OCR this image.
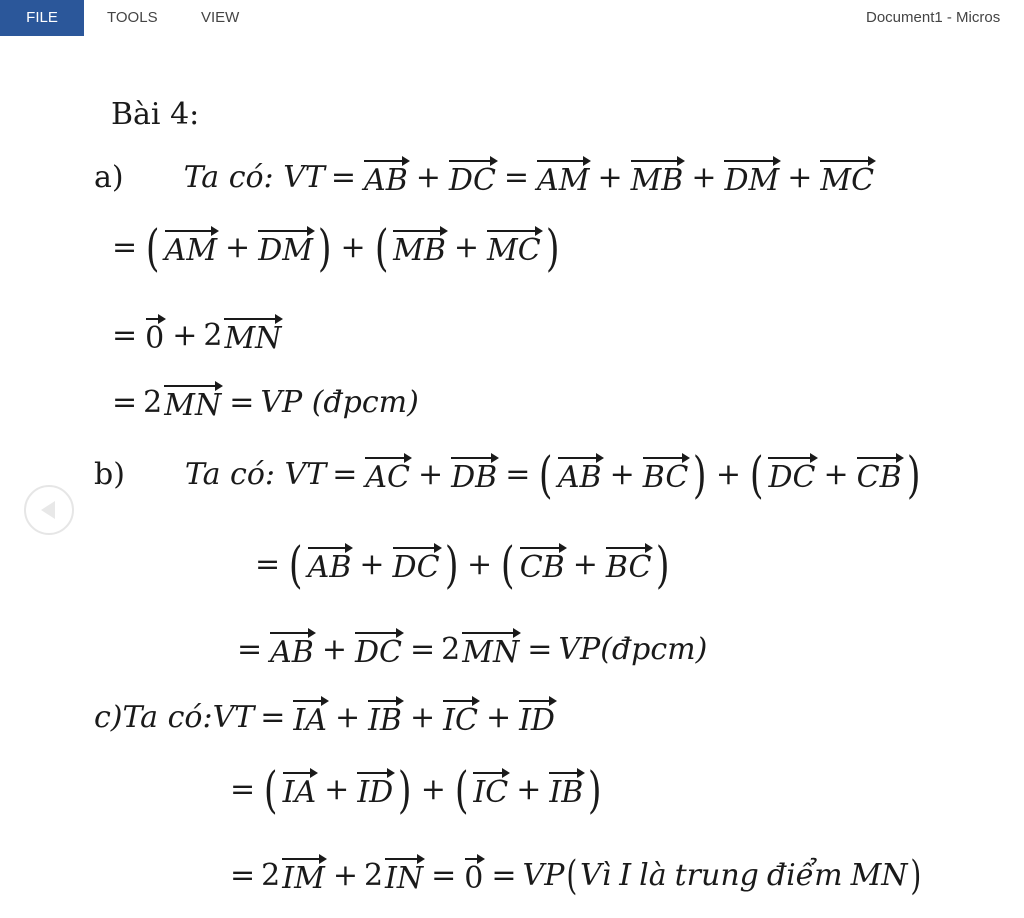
FILE	TOOLS	VIEW	Document1 - Micros
Bài 4:
a) Ta có: VT = AB + DC = AM + MB + DM + MC
= ( AM + DM ) + ( MB + MC )
= 0 + 2 MN
= 2 MN = VP (đpcm)
b) Ta có: VT = AC + DB = ( AB + BC ) + ( DC + CB )
= ( AB + DC ) + ( CB + BC )
= AB + DC = 2 MN = VP(đpcm)
c)Ta có: VT = IA + IB + IC + ID
= ( IA + ID ) + ( IC + IB )
= 2 IM + 2 IN = 0 = VP ( Vì I là trung điểm MN )
